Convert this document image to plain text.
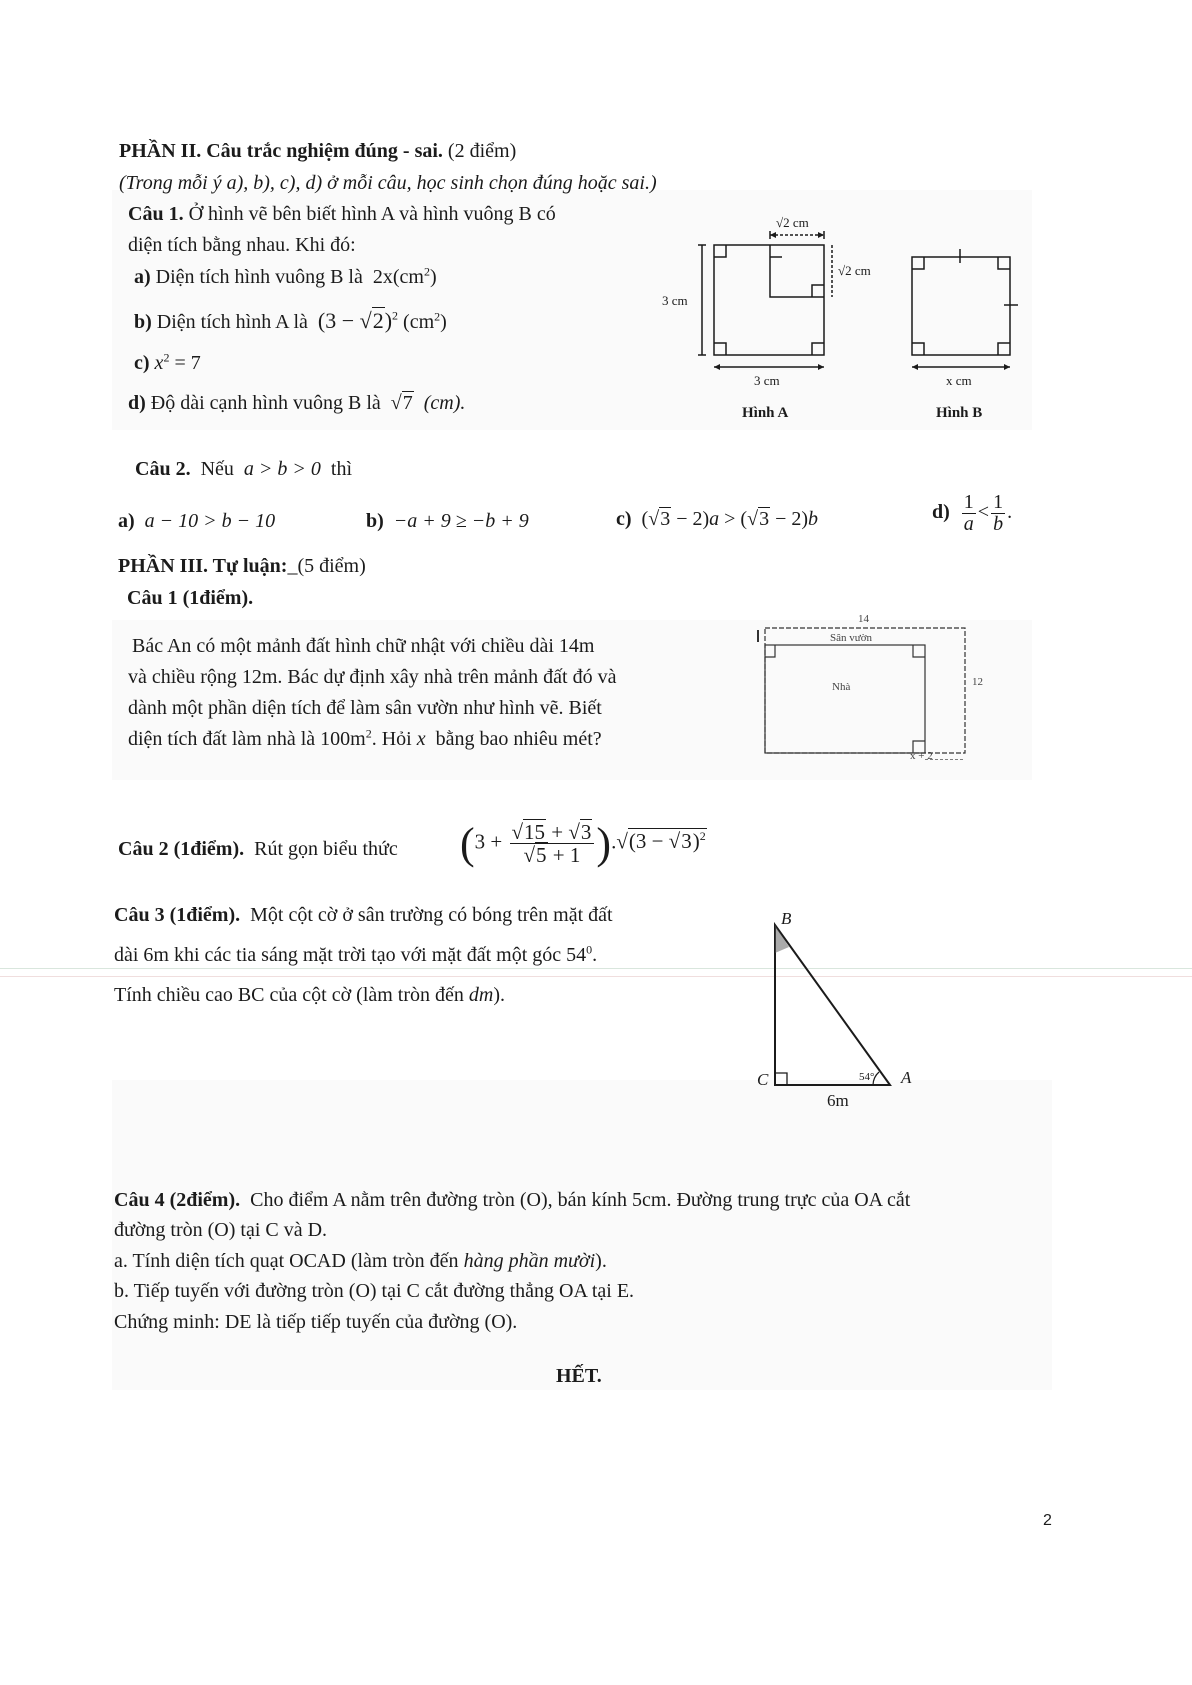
PHẦN II. Câu trắc nghiệm đúng - sai. (2 điểm)
(Trong mỗi ý a), b), c), d) ở mỗi câu, học sinh chọn đúng hoặc sai.)
Câu 1. Ở hình vẽ bên biết hình A và hình vuông B có
diện tích bằng nhau. Khi đó:
a) Diện tích hình vuông B là $2x(cm^2)$
b) Diện tích hình A là $(3 - √2)^2$ $(cm^2)$
c) $x^2 = 7$
d) Độ dài cạnh hình vuông B là  √7 (cm).
√2 cm
√2 cm
3 cm
3 cm	x cm
Hình A	Hình B
Câu 2. Nếu a > b > 0 thì
a) a − 10 > b − 10	b) −a + 9 ≥ −b + 9	c) (√3 − 2)a > (√3 − 2)b	$d) \frac{1}{a} < \frac{1}{b}$ .
PHẦN III. Tự luận:_(5 điểm)
Câu 1 (1điểm).
Bác An có một mảnh đất hình chữ nhật với chiều dài 14m
và chiều rộng 12m. Bác dự định xây nhà trên mảnh đất đó và
dành một phần diện tích để làm sân vườn như hình vẽ. Biết
diện tích đất làm nhà là $100m^2$. Hỏi x bằng bao nhiêu mét?
14
Sân vườn
Nhà	12
x + 2
Câu 2 (1điểm). Rút gọn biểu thức $(3 + \frac{√15 + √3}{√5 + 1} ).√(3 - √3)^2$
Câu 3 (1điểm). Một cột cờ ở sân trường có bóng trên mặt đất
dài 6m khi các tia sáng mặt trời tạo với mặt đất một góc $54^0$.
Tính chiều cao BC của cột cờ (làm tròn đến dm).
B
C	A
54°
6m
Câu 4 (2điểm). Cho điểm A nằm trên đường tròn (O), bán kính 5cm. Đường trung trực của OA cắt
đường tròn (O) tại C và D.
a. Tính diện tích quạt OCAD (làm tròn đến hàng phần mười).
b. Tiếp tuyến với đường tròn (O) tại C cắt đường thẳng OA tại E.
Chứng minh: DE là tiếp tiếp tuyến của đường (O).
HẾT.
2
